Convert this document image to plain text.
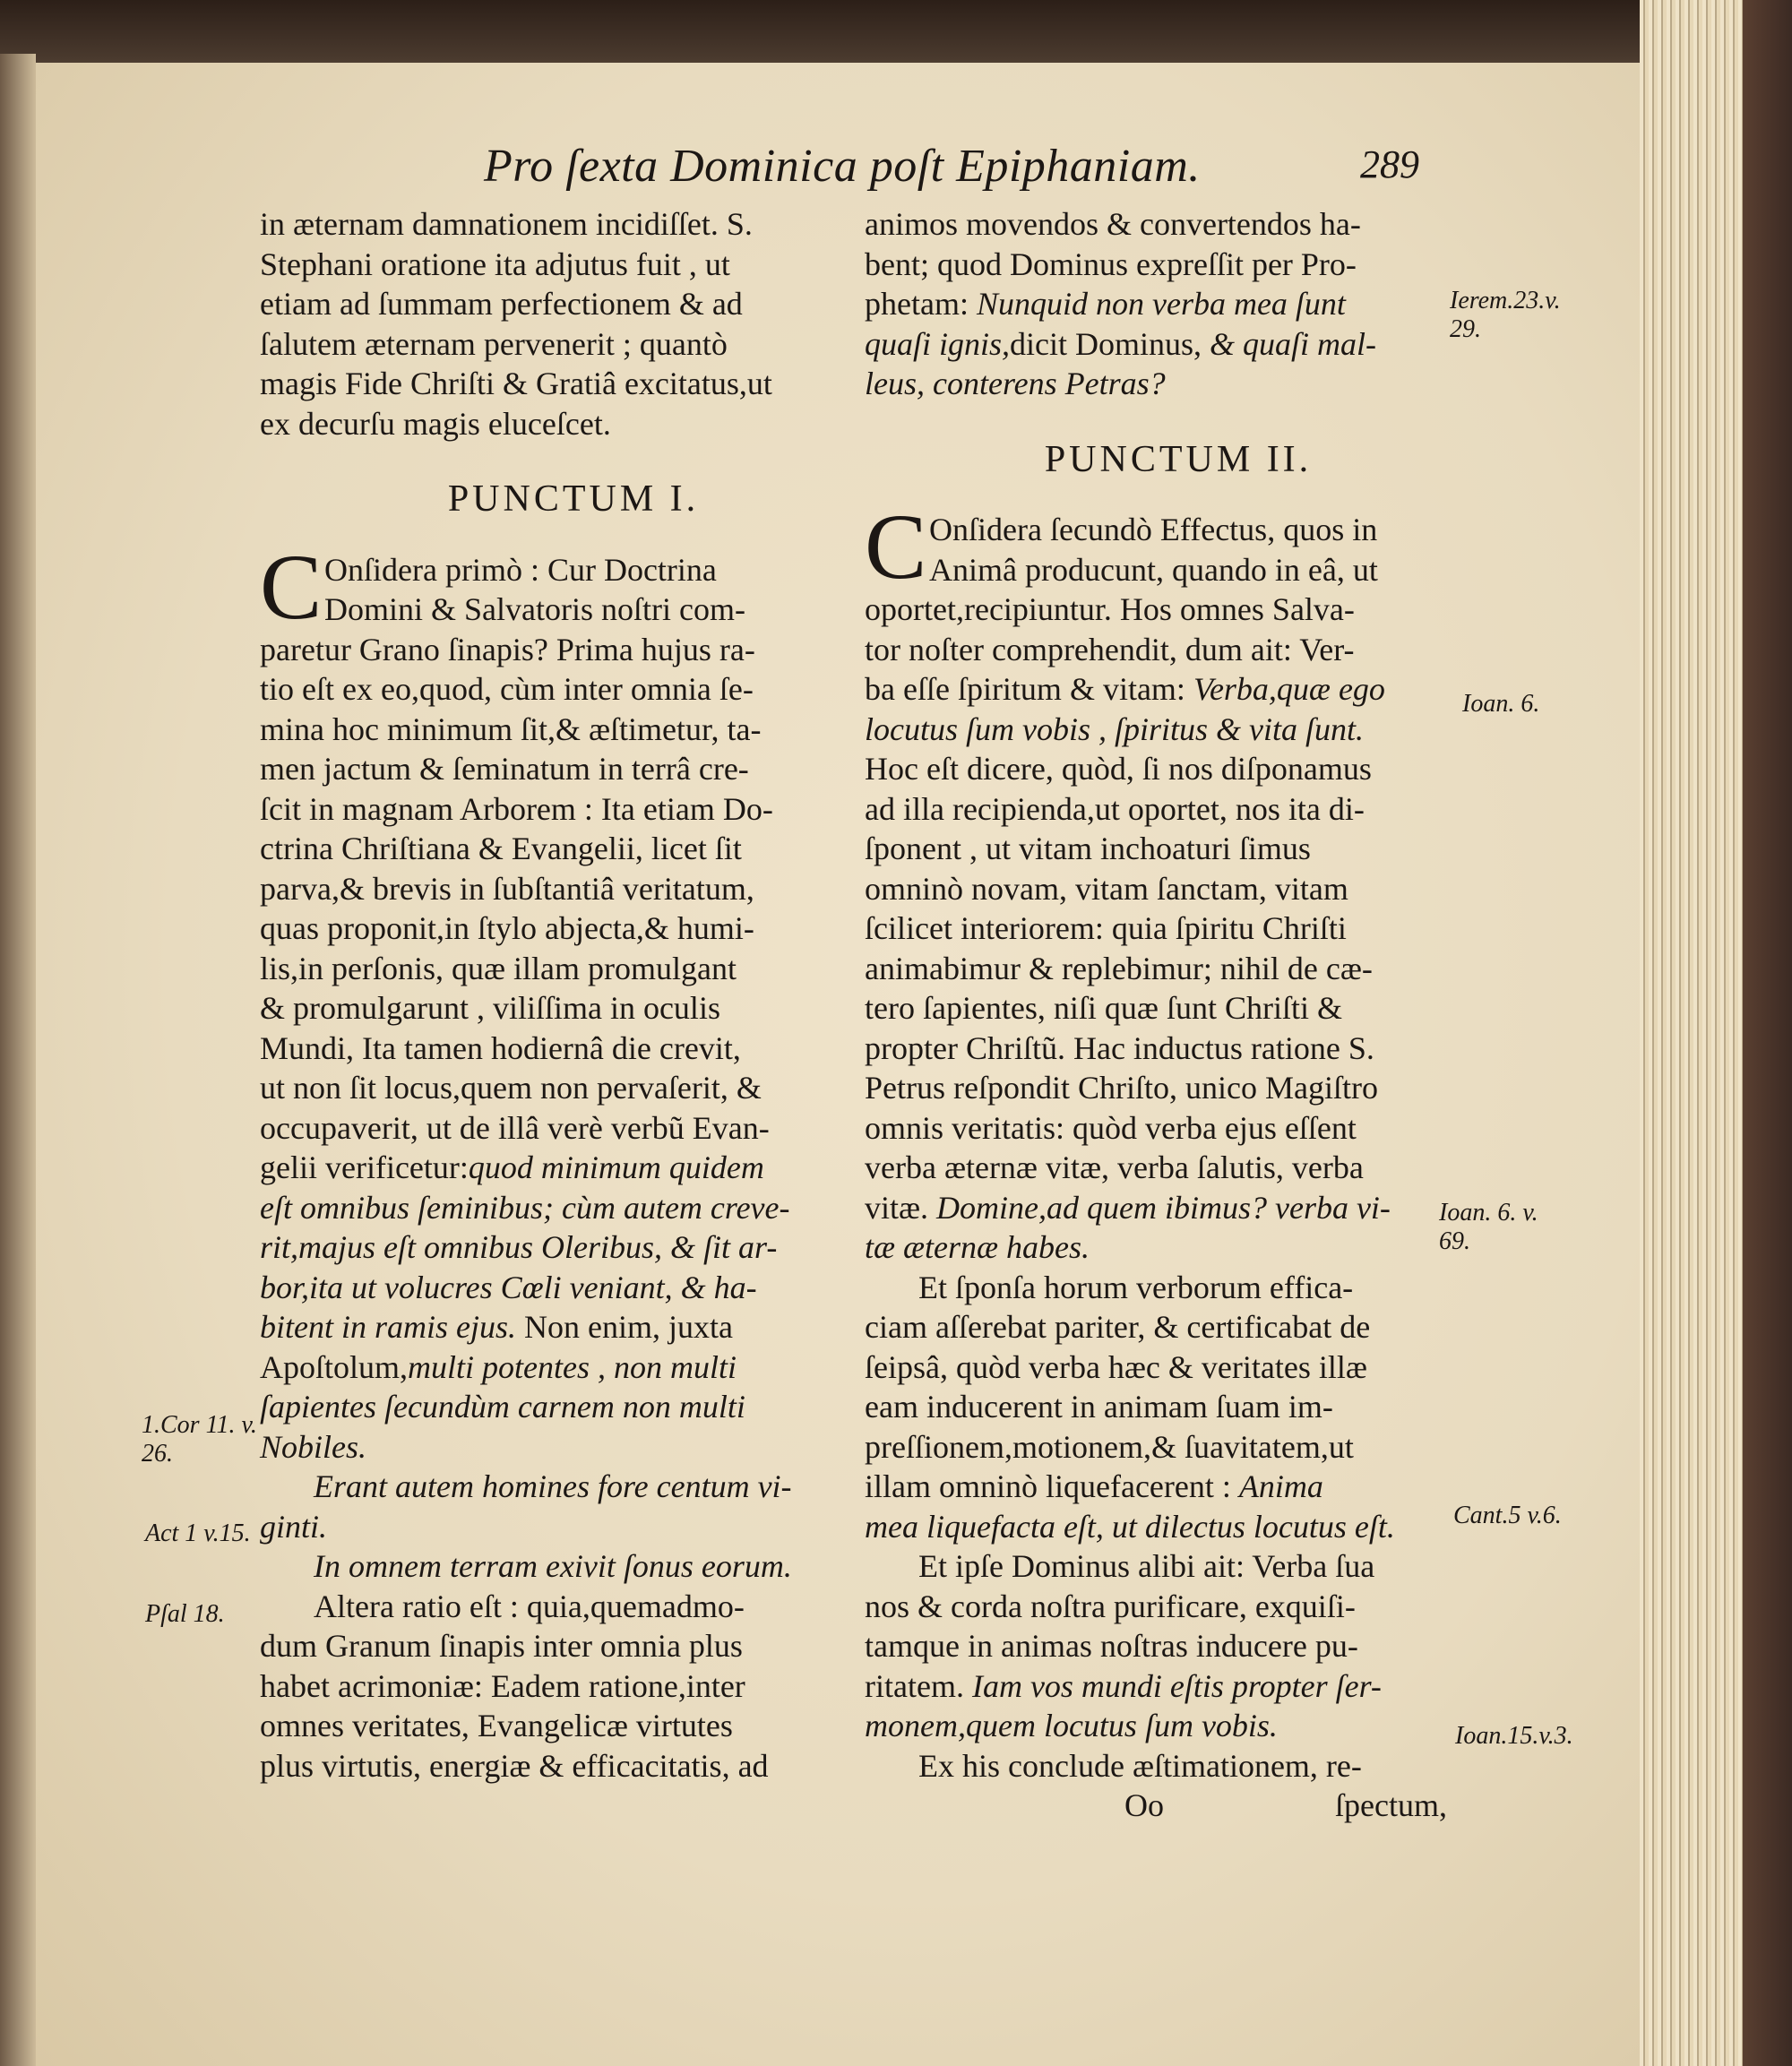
Pro ſexta Dominica poſt Epiphaniam.	289
in æternam damnationem incidiſſet. S.
Stephani oratione ita adjutus fuit , ut
etiam ad ſummam perfectionem & ad
ſalutem æternam pervenerit ; quantò
magis Fide Chriſti & Gratiâ excitatus,ut
ex decurſu magis eluceſcet.
PUNCTUM I.
C Onſidera primò : Cur Doctrina
Domini & Salvatoris noſtri com-
paretur Grano ſinapis? Prima hujus ra-
tio eſt ex eo,quod, cùm inter omnia ſe-
mina hoc minimum ſit,& æſtimetur, ta-
men jactum & ſeminatum in terrâ cre-
ſcit in magnam Arborem : Ita etiam Do-
ctrina Chriſtiana & Evangelii, licet ſit
parva,& brevis in ſubſtantiâ veritatum,
quas proponit,in ſtylo abjecta,& humi-
lis,in perſonis, quæ illam promulgant
& promulgarunt , viliſſima in oculis
Mundi, Ita tamen hodiernâ die crevit,
ut non ſit locus,quem non pervaſerit, &
occupaverit, ut de illâ verè verbũ Evan-
gelii verificetur:quod minimum quidem
eſt omnibus ſeminibus; cùm autem creve-
rit,majus eſt omnibus Oleribus, & ſit ar-
bor,ita ut volucres Cœli veniant, & ha-
bitent in ramis ejus. Non enim, juxta
Apoſtolum,multi potentes , non multi
ſapientes ſecundùm carnem non multi
Nobiles.
Erant autem homines fore centum vi-
ginti.
In omnem terram exivit ſonus eorum.
Altera ratio eſt : quia,quemadmo-
dum Granum ſinapis inter omnia plus
habet acrimoniæ: Eadem ratione,inter
omnes veritates, Evangelicæ virtutes
plus virtutis, energiæ & efficacitatis, ad
1.Cor 11. v.
26.
Act 1 v.15.
Pſal 18.
animos movendos & convertendos ha-
bent; quod Dominus expreſſit per Pro-
phetam: Nunquid non verba mea ſunt
quaſi ignis,dicit Dominus, & quaſi mal-
leus, conterens Petras?
PUNCTUM II.
C Onſidera ſecundò Effectus, quos in
Animâ producunt, quando in eâ, ut
oportet,recipiuntur. Hos omnes Salva-
tor noſter comprehendit, dum ait: Ver-
ba eſſe ſpiritum & vitam: Verba,quæ ego
locutus ſum vobis , ſpiritus & vita ſunt.
Hoc eſt dicere, quòd, ſi nos diſponamus
ad illa recipienda,ut oportet, nos ita di-
ſponent , ut vitam inchoaturi ſimus
omninò novam, vitam ſanctam, vitam
ſcilicet interiorem: quia ſpiritu Chriſti
animabimur & replebimur; nihil de cæ-
tero ſapientes, niſi quæ ſunt Chriſti &
propter Chriſtũ. Hac inductus ratione S.
Petrus reſpondit Chriſto, unico Magiſtro
omnis veritatis: quòd verba ejus eſſent
verba æternæ vitæ, verba ſalutis, verba
vitæ. Domine,ad quem ibimus? verba vi-
tæ æternæ habes.
Et ſponſa horum verborum effica-
ciam aſſerebat pariter, & certificabat de
ſeipsâ, quòd verba hæc & veritates illæ
eam inducerent in animam ſuam im-
preſſionem,motionem,& ſuavitatem,ut
illam omninò liquefacerent : Anima
mea liquefacta eſt, ut dilectus locutus eſt.
Et ipſe Dominus alibi ait: Verba ſua
nos & corda noſtra purificare, exquiſi-
tamque in animas noſtras inducere pu-
ritatem. Iam vos mundi eſtis propter ſer-
monem,quem locutus ſum vobis.
Ex his conclude æſtimationem, re-
Oo	ſpectum,
Ierem.23.v.
29.
Ioan. 6.
Ioan. 6. v.
69.
Cant.5 v.6.
Ioan.15.v.3.
